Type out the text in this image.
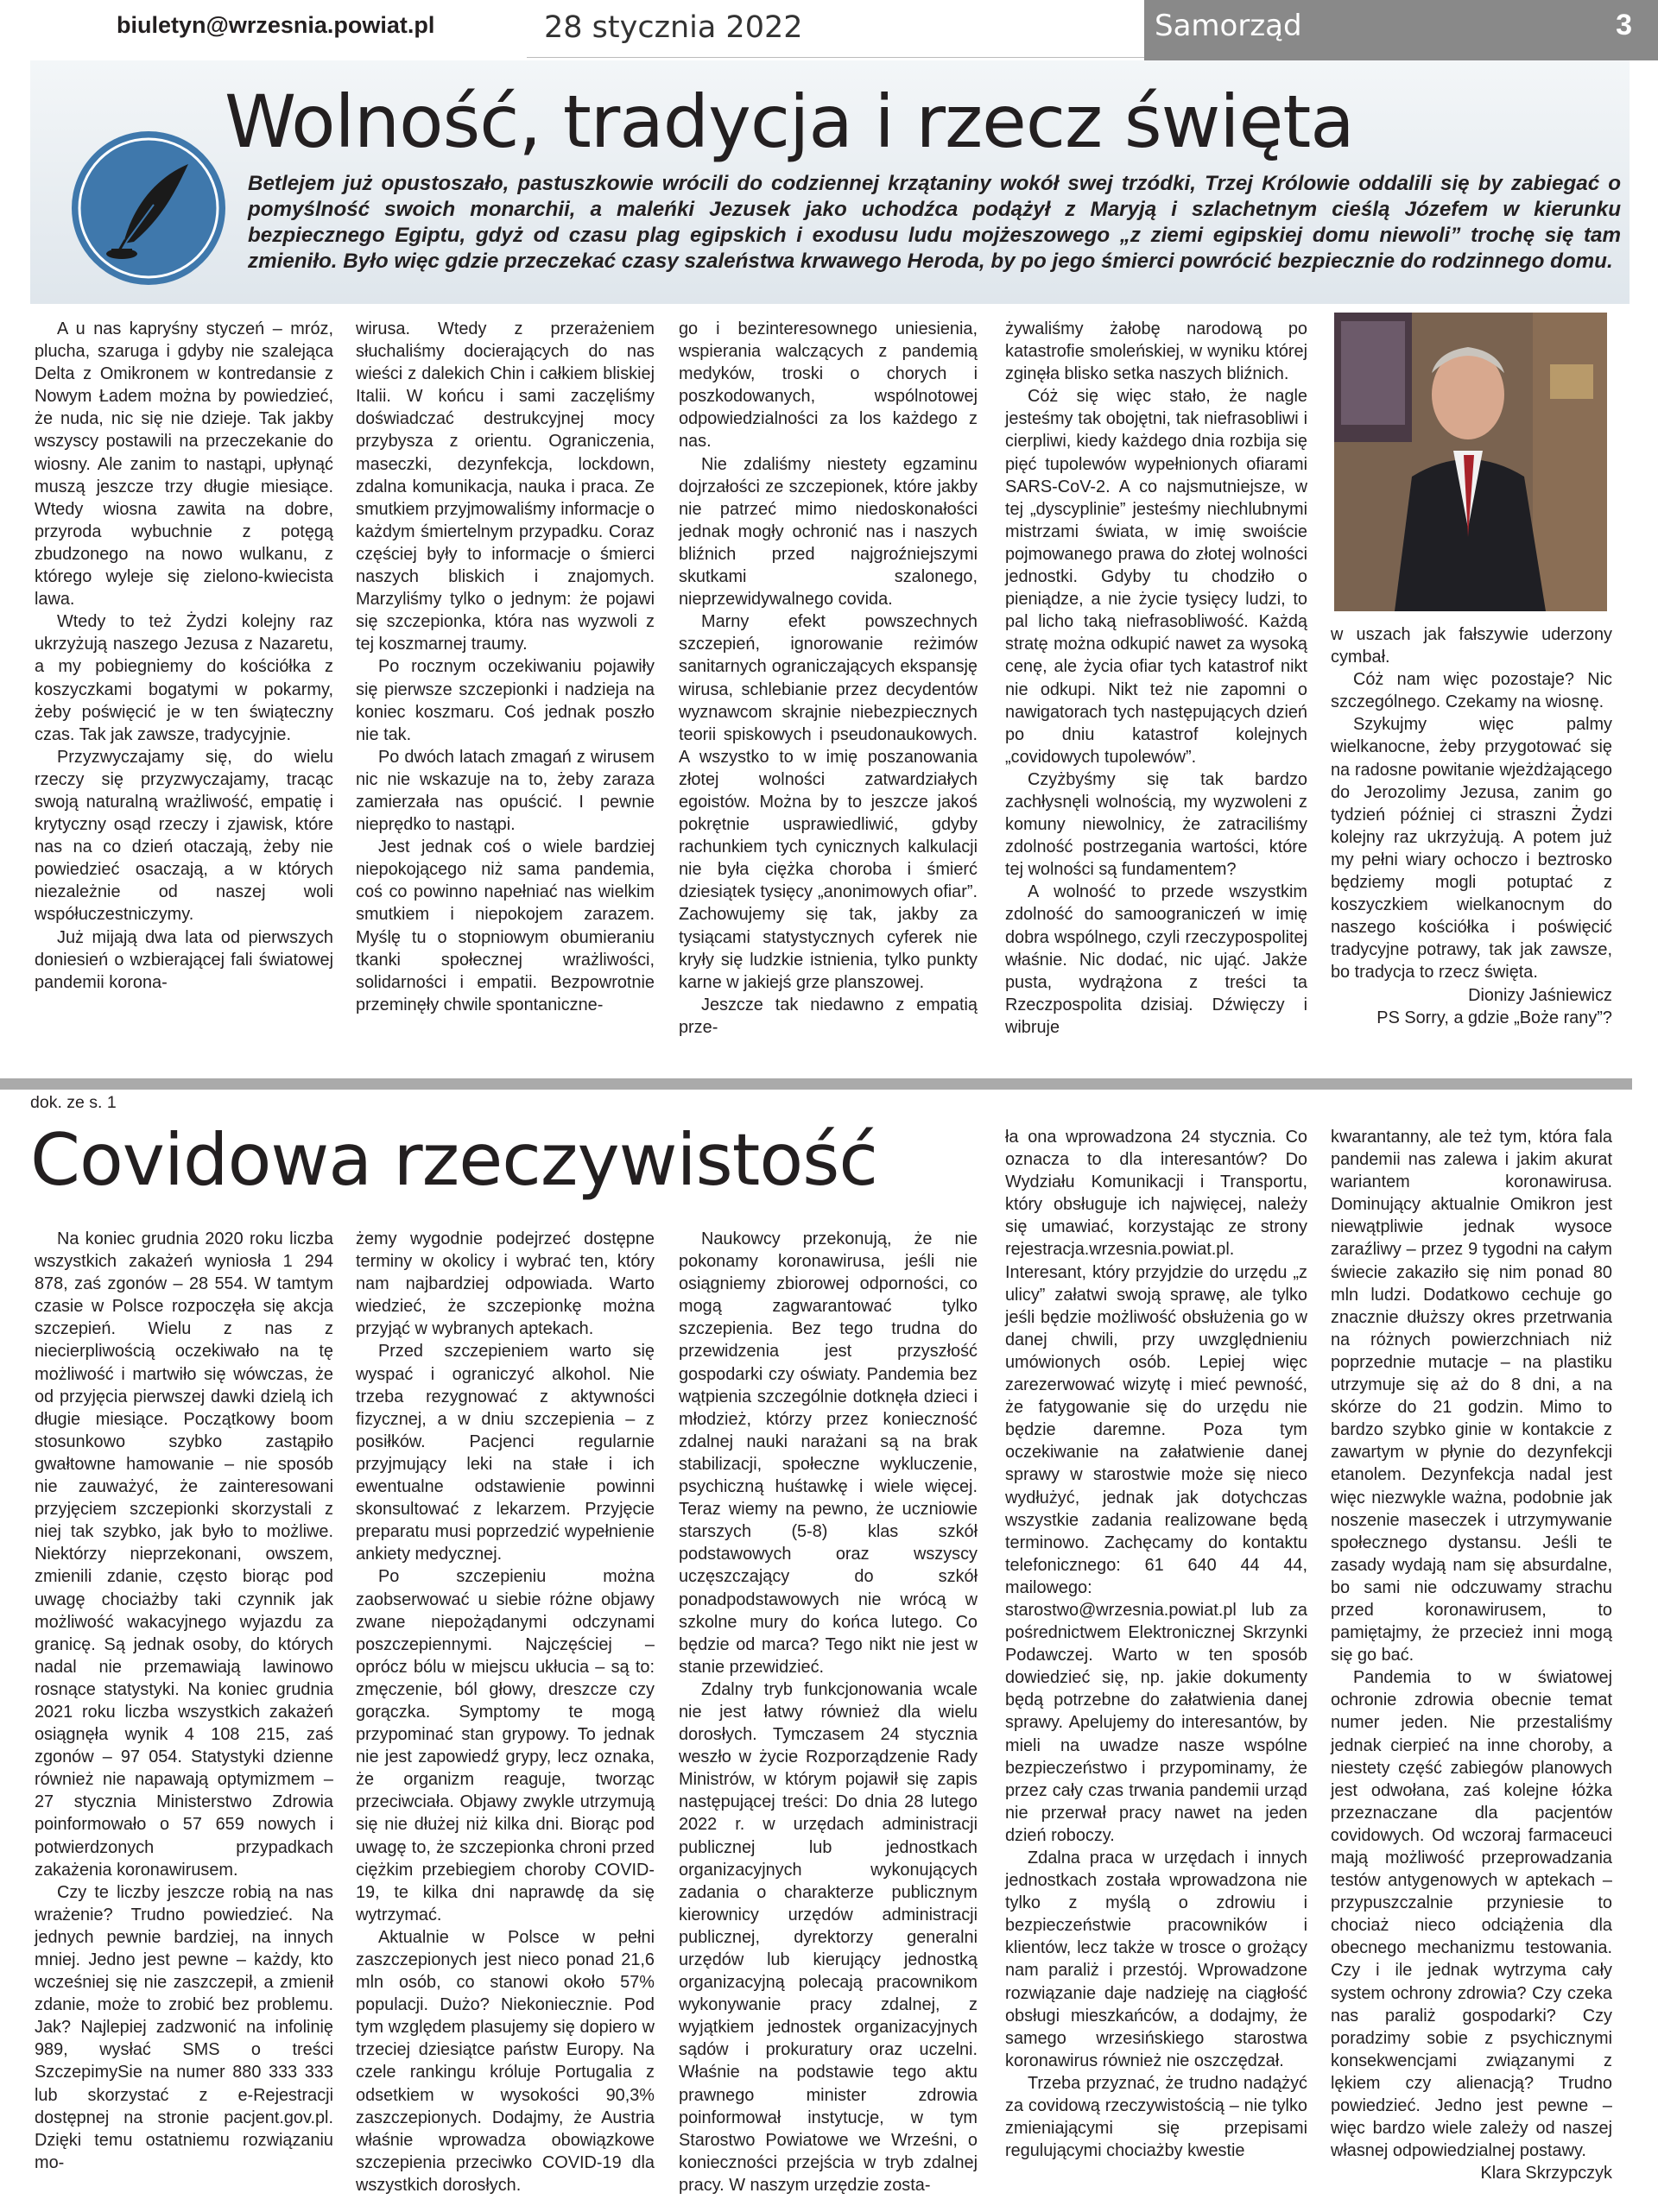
biuletyn@wrzesnia.powiat.pl	28 stycznia 2022	Samorząd	3
Wolność, tradycja i rzecz święta
Betlejem już opustoszało, pastuszkowie wrócili do codziennej krzątaniny wokół swej trzódki, Trzej Królowie oddalili się by zabiegać o pomyślność swoich monarchii, a maleńki Jezusek jako uchodźca podążył z Maryją i szlachetnym cieślą Józefem w kierunku bezpiecznego Egiptu, gdyż od czasu plag egipskich i exodusu ludu mojżeszowego „z ziemi egipskiej domu niewoli” trochę się tam zmieniło. Było więc gdzie przeczekać czasy szaleństwa krwawego Heroda, by po jego śmierci powrócić bezpiecznie do rodzinnego domu.

A u nas kapryśny styczeń – mróz, plucha, szaruga i gdyby nie szalejąca Delta z Omikronem w kontredansie z Nowym Ładem można by powiedzieć, że nuda, nic się nie dzieje. Tak jakby wszyscy postawili na przeczekanie do wiosny. Ale zanim to nastąpi, upłynąć muszą jeszcze trzy długie miesiące. Wtedy wiosna zawita na dobre, przyroda wybuchnie z potęgą zbudzonego na nowo wulkanu, z którego wyleje się zielono-kwiecista lawa.

Wtedy to też Żydzi kolejny raz ukrzyżują naszego Jezusa z Nazaretu, a my pobiegniemy do kościółka z koszyczkami bogatymi w pokarmy, żeby poświęcić je w ten świąteczny czas. Tak jak zawsze, tradycyjnie.

Przyzwyczajamy się, do wielu rzeczy się przyzwyczajamy, tracąc swoją naturalną wrażliwość, empatię i krytyczny osąd rzeczy i zjawisk, które nas na co dzień otaczają, żeby nie powiedzieć osaczają, a w których niezależnie od naszej woli współuczestniczymy.

Już mijają dwa lata od pierwszych doniesień o wzbierającej fali światowej pandemii korona-

wirusa. Wtedy z przerażeniem słuchaliśmy docierających do nas wieści z dalekich Chin i całkiem bliskiej Italii. W końcu i sami zaczęliśmy doświadczać destrukcyjnej mocy przybysza z orientu. Ograniczenia, maseczki, dezynfekcja, lockdown, zdalna komunikacja, nauka i praca. Ze smutkiem przyjmowaliśmy informacje o każdym śmiertelnym przypadku. Coraz częściej były to informacje o śmierci naszych bliskich i znajomych. Marzyliśmy tylko o jednym: że pojawi się szczepionka, która nas wyzwoli z tej koszmarnej traumy.

Po rocznym oczekiwaniu pojawiły się pierwsze szczepionki i nadzieja na koniec koszmaru. Coś jednak poszło nie tak.

Po dwóch latach zmagań z wirusem nic nie wskazuje na to, żeby zaraza zamierzała nas opuścić. I pewnie nieprędko to nastąpi.

Jest jednak coś o wiele bardziej niepokojącego niż sama pandemia, coś co powinno napełniać nas wielkim smutkiem i niepokojem zarazem. Myślę tu o stopniowym obumieraniu tkanki społecznej wrażliwości, solidarności i empatii. Bezpowrotnie przeminęły chwile spontaniczne-

go i bezinteresownego uniesienia, wspierania walczących z pandemią medyków, troski o chorych i poszkodowanych, wspólnotowej odpowiedzialności za los każdego z nas.

Nie zdaliśmy niestety egzaminu dojrzałości ze szczepionek, które jakby nie patrzeć mimo niedoskonałości jednak mogły ochronić nas i naszych bliźnich przed najgroźniejszymi skutkami szalonego, nieprzewidywalnego covida.

Marny efekt powszechnych szczepień, ignorowanie reżimów sanitarnych ograniczających ekspansję wirusa, schlebianie przez decydentów wyznawcom skrajnie niebezpiecznych teorii spiskowych i pseudonaukowych. A wszystko to w imię poszanowania złotej wolności zatwardziałych egoistów. Można by to jeszcze jakoś pokrętnie usprawiedliwić, gdyby rachunkiem tych cynicznych kalkulacji nie była ciężka choroba i śmierć dziesiątek tysięcy „anonimowych ofiar”. Zachowujemy się tak, jakby za tysiącami statystycznych cyferek nie kryły się ludzkie istnienia, tylko punkty karne w jakiejś grze planszowej.

Jeszcze tak niedawno z empatią prze-

żywaliśmy żałobę narodową po katastrofie smoleńskiej, w wyniku której zginęła blisko setka naszych bliźnich.

Cóż się więc stało, że nagle jesteśmy tak obojętni, tak niefrasobliwi i cierpliwi, kiedy każdego dnia rozbija się pięć tupolewów wypełnionych ofiarami SARS-CoV-2. A co najsmutniejsze, w tej „dyscyplinie” jesteśmy niechlubnymi mistrzami świata, w imię swoiście pojmowanego prawa do złotej wolności jednostki. Gdyby tu chodziło o pieniądze, a nie życie tysięcy ludzi, to pal licho taką niefrasobliwość. Każdą stratę można odkupić nawet za wysoką cenę, ale życia ofiar tych katastrof nikt nie odkupi. Nikt też nie zapomni o nawigatorach tych następujących dzień po dniu katastrof kolejnych „covidowych tupolewów”.

Czyżbyśmy się tak bardzo zachłysnęli wolnością, my wyzwoleni z komuny niewolnicy, że zatraciliśmy zdolność postrzegania wartości, które tej wolności są fundamentem?

A wolność to przede wszystkim zdolność do samoograniczeń w imię dobra wspólnego, czyli rzeczypospolitej właśnie. Nic dodać, nic ująć. Jakże pusta, wydrążona z treści ta Rzeczpospolita dzisiaj. Dźwięczy i wibruje

w uszach jak fałszywie uderzony cymbał.

Cóż nam więc pozostaje? Nic szczególnego. Czekamy na wiosnę.

Szykujmy więc palmy wielkanocne, żeby przygotować się na radosne powitanie wjeżdżającego do Jerozolimy Jezusa, zanim go tydzień później ci straszni Żydzi kolejny raz ukrzyżują. A potem już my pełni wiary ochoczo i beztrosko będziemy mogli potuptać z koszyczkiem wielkanocnym do naszego kościółka i poświęcić tradycyjne potrawy, tak jak zawsze, bo tradycja to rzecz święta.

Dionizy Jaśniewicz

PS Sorry, a gdzie „Boże rany”?

dok. ze s. 1
Covidowa rzeczywistość

Na koniec grudnia 2020 roku liczba wszystkich zakażeń wyniosła 1 294 878, zaś zgonów – 28 554. W tamtym czasie w Polsce rozpoczęła się akcja szczepień. Wielu z nas z niecierpliwością oczekiwało na tę możliwość i martwiło się wówczas, że od przyjęcia pierwszej dawki dzielą ich długie miesiące. Początkowy boom stosunkowo szybko zastąpiło gwałtowne hamowanie – nie sposób nie zauważyć, że zainteresowani przyjęciem szczepionki skorzystali z niej tak szybko, jak było to możliwe. Niektórzy nieprzekonani, owszem, zmienili zdanie, często biorąc pod uwagę chociażby taki czynnik jak możliwość wakacyjnego wyjazdu za granicę. Są jednak osoby, do których nadal nie przemawiają lawinowo rosnące statystyki. Na koniec grudnia 2021 roku liczba wszystkich zakażeń osiągnęła wynik 4 108 215, zaś zgonów – 97 054. Statystyki dzienne również nie napawają optymizmem – 27 stycznia Ministerstwo Zdrowia poinformowało o 57 659 nowych i potwierdzonych przypadkach zakażenia koronawirusem.

Czy te liczby jeszcze robią na nas wrażenie? Trudno powiedzieć. Na jednych pewnie bardziej, na innych mniej. Jedno jest pewne – każdy, kto wcześniej się nie zaszczepił, a zmienił zdanie, może to zrobić bez problemu. Jak? Najlepiej zadzwonić na infolinię 989, wysłać SMS o treści SzczepimySie na numer 880 333 333 lub skorzystać z e-Rejestracji dostępnej na stronie pacjent.gov.pl. Dzięki temu ostatniemu rozwiązaniu mo-

żemy wygodnie podejrzeć dostępne terminy w okolicy i wybrać ten, który nam najbardziej odpowiada. Warto wiedzieć, że szczepionkę można przyjąć w wybranych aptekach.

Przed szczepieniem warto się wyspać i ograniczyć alkohol. Nie trzeba rezygnować z aktywności fizycznej, a w dniu szczepienia – z posiłków. Pacjenci regularnie przyjmujący leki na stałe i ich ewentualne odstawienie powinni skonsultować z lekarzem. Przyjęcie preparatu musi poprzedzić wypełnienie ankiety medycznej.

Po szczepieniu można zaobserwować u siebie różne objawy zwane niepożądanymi odczynami poszczepiennymi. Najczęściej – oprócz bólu w miejscu ukłucia – są to: zmęczenie, ból głowy, dreszcze czy gorączka. Symptomy te mogą przypominać stan grypowy. To jednak nie jest zapowiedź grypy, lecz oznaka, że organizm reaguje, tworząc przeciwciała. Objawy zwykle utrzymują się nie dłużej niż kilka dni. Biorąc pod uwagę to, że szczepionka chroni przed ciężkim przebiegiem choroby COVID-19, te kilka dni naprawdę da się wytrzymać.

Aktualnie w Polsce w pełni zaszczepionych jest nieco ponad 21,6 mln osób, co stanowi około 57% populacji. Dużo? Niekoniecznie. Pod tym względem plasujemy się dopiero w trzeciej dziesiątce państw Europy. Na czele rankingu króluje Portugalia z odsetkiem w wysokości 90,3% zaszczepionych. Dodajmy, że Austria właśnie wprowadza obowiązkowe szczepienia przeciwko COVID-19 dla wszystkich dorosłych.

Naukowcy przekonują, że nie pokonamy koronawirusa, jeśli nie osiągniemy zbiorowej odporności, co mogą zagwarantować tylko szczepienia. Bez tego trudna do przewidzenia jest przyszłość gospodarki czy oświaty. Pandemia bez wątpienia szczególnie dotknęła dzieci i młodzież, którzy przez konieczność zdalnej nauki narażani są na brak stabilizacji, społeczne wykluczenie, psychiczną huśtawkę i wiele więcej. Teraz wiemy na pewno, że uczniowie starszych (5-8) klas szkół podstawowych oraz wszyscy uczęszczający do szkół ponadpodstawowych nie wrócą w szkolne mury do końca lutego. Co będzie od marca? Tego nikt nie jest w stanie przewidzieć.

Zdalny tryb funkcjonowania wcale nie jest łatwy również dla wielu dorosłych. Tymczasem 24 stycznia weszło w życie Rozporządzenie Rady Ministrów, w którym pojawił się zapis następującej treści: Do dnia 28 lutego 2022 r. w urzędach administracji publicznej lub jednostkach organizacyjnych wykonujących zadania o charakterze publicznym kierownicy urzędów administracji publicznej, dyrektorzy generalni urzędów lub kierujący jednostką organizacyjną polecają pracownikom wykonywanie pracy zdalnej, z wyjątkiem jednostek organizacyjnych sądów i prokuratury oraz uczelni. Właśnie na podstawie tego aktu prawnego minister zdrowia poinformował instytucje, w tym Starostwo Powiatowe we Wrześni, o konieczności przejścia w tryb zdalnej pracy. W naszym urzędzie zosta-

ła ona wprowadzona 24 stycznia. Co oznacza to dla interesantów? Do Wydziału Komunikacji i Transportu, który obsługuje ich najwięcej, należy się umawiać, korzystając ze strony rejestracja.wrzesnia.powiat.pl. Interesant, który przyjdzie do urzędu „z ulicy” załatwi swoją sprawę, ale tylko jeśli będzie możliwość obsłużenia go w danej chwili, przy uwzględnieniu umówionych osób. Lepiej więc zarezerwować wizytę i mieć pewność, że fatygowanie się do urzędu nie będzie daremne. Poza tym oczekiwanie na załatwienie danej sprawy w starostwie może się nieco wydłużyć, jednak jak dotychczas wszystkie zadania realizowane będą terminowo. Zachęcamy do kontaktu telefonicznego: 61 640 44 44, mailowego: starostwo@wrzesnia.powiat.pl lub za pośrednictwem Elektronicznej Skrzynki Podawczej. Warto w ten sposób dowiedzieć się, np. jakie dokumenty będą potrzebne do załatwienia danej sprawy. Apelujemy do interesantów, by mieli na uwadze nasze wspólne bezpieczeństwo i przypominamy, że przez cały czas trwania pandemii urząd nie przerwał pracy nawet na jeden dzień roboczy.

Zdalna praca w urzędach i innych jednostkach została wprowadzona nie tylko z myślą o zdrowiu i bezpieczeństwie pracowników i klientów, lecz także w trosce o grożący nam paraliż i przestój. Wprowadzone rozwiązanie daje nadzieję na ciągłość obsługi mieszkańców, a dodajmy, że samego wrzesińskiego starostwa koronawirus również nie oszczędzał.

Trzeba przyznać, że trudno nadążyć za covidową rzeczywistością – nie tylko zmieniającymi się przepisami regulującymi chociażby kwestie

kwarantanny, ale też tym, która fala pandemii nas zalewa i jakim akurat wariantem koronawirusa. Dominujący aktualnie Omikron jest niewątpliwie jednak wysoce zaraźliwy – przez 9 tygodni na całym świecie zakaziło się nim ponad 80 mln ludzi. Dodatkowo cechuje go znacznie dłuższy okres przetrwania na różnych powierzchniach niż poprzednie mutacje – na plastiku utrzymuje się aż do 8 dni, a na skórze do 21 godzin. Mimo to bardzo szybko ginie w kontakcie z zawartym w płynie do dezynfekcji etanolem. Dezynfekcja nadal jest więc niezwykle ważna, podobnie jak noszenie maseczek i utrzymywanie społecznego dystansu. Jeśli te zasady wydają nam się absurdalne, bo sami nie odczuwamy strachu przed koronawirusem, to pamiętajmy, że przecież inni mogą się go bać.

Pandemia to w światowej ochronie zdrowia obecnie temat numer jeden. Nie przestaliśmy jednak cierpieć na inne choroby, a niestety część zabiegów planowych jest odwołana, zaś kolejne łóżka przeznaczane dla pacjentów covidowych. Od wczoraj farmaceuci mają możliwość przeprowadzania testów antygenowych w aptekach – przypuszczalnie przyniesie to chociaż nieco odciążenia dla obecnego mechanizmu testowania. Czy i ile jednak wytrzyma cały system ochrony zdrowia? Czy czeka nas paraliż gospodarki? Czy poradzimy sobie z psychicznymi konsekwencjami związanymi z lękiem czy alienacją? Trudno powiedzieć. Jedno jest pewne – więc bardzo wiele zależy od naszej własnej odpowiedzialnej postawy.

Klara Skrzypczyk
